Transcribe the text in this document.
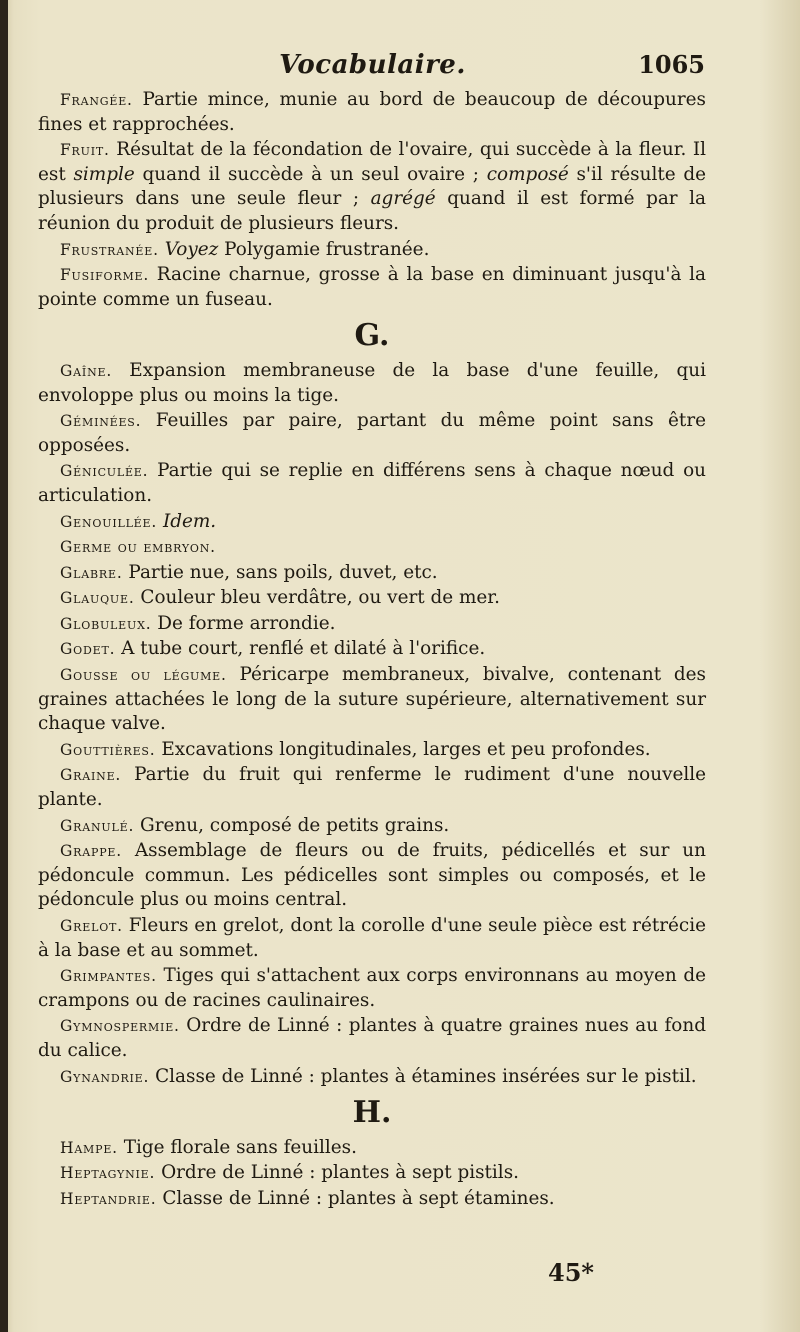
Vocabulaire.	1065

Frangée. Partie mince, munie au bord de beaucoup de découpures fines et rapprochées.

Fruit. Résultat de la fécondation de l'ovaire, qui succède à la fleur. Il est simple quand il succède à un seul ovaire ; composé s'il résulte de plusieurs dans une seule fleur ; agrégé quand il est formé par la réunion du produit de plusieurs fleurs.

Frustranée. Voyez Polygamie frustranée.

Fusiforme. Racine charnue, grosse à la base en diminuant jusqu'à la pointe comme un fuseau.

G.

Gaîne. Expansion membraneuse de la base d'une feuille, qui envoloppe plus ou moins la tige.

Géminées. Feuilles par paire, partant du même point sans être opposées.

Géniculée. Partie qui se replie en différens sens à chaque nœud ou articulation.

Genouillée. Idem.

Germe ou embryon.

Glabre. Partie nue, sans poils, duvet, etc.

Glauque. Couleur bleu verdâtre, ou vert de mer.

Globuleux. De forme arrondie.

Godet. A tube court, renflé et dilaté à l'orifice.

Gousse ou légume. Péricarpe membraneux, bivalve, contenant des graines attachées le long de la suture supérieure, alternativement sur chaque valve.

Gouttières. Excavations longitudinales, larges et peu profondes.

Graine. Partie du fruit qui renferme le rudiment d'une nouvelle plante.

Granulé. Grenu, composé de petits grains.

Grappe. Assemblage de fleurs ou de fruits, pédicellés et sur un pédoncule commun. Les pédicelles sont simples ou composés, et le pédoncule plus ou moins central.

Grelot. Fleurs en grelot, dont la corolle d'une seule pièce est rétrécie à la base et au sommet.

Grimpantes. Tiges qui s'attachent aux corps environnans au moyen de crampons ou de racines caulinaires.

Gymnospermie. Ordre de Linné : plantes à quatre graines nues au fond du calice.

Gynandrie. Classe de Linné : plantes à étamines insérées sur le pistil.

H.

Hampe. Tige florale sans feuilles.

Heptagynie. Ordre de Linné : plantes à sept pistils.

Heptandrie. Classe de Linné : plantes à sept étamines.

45*
